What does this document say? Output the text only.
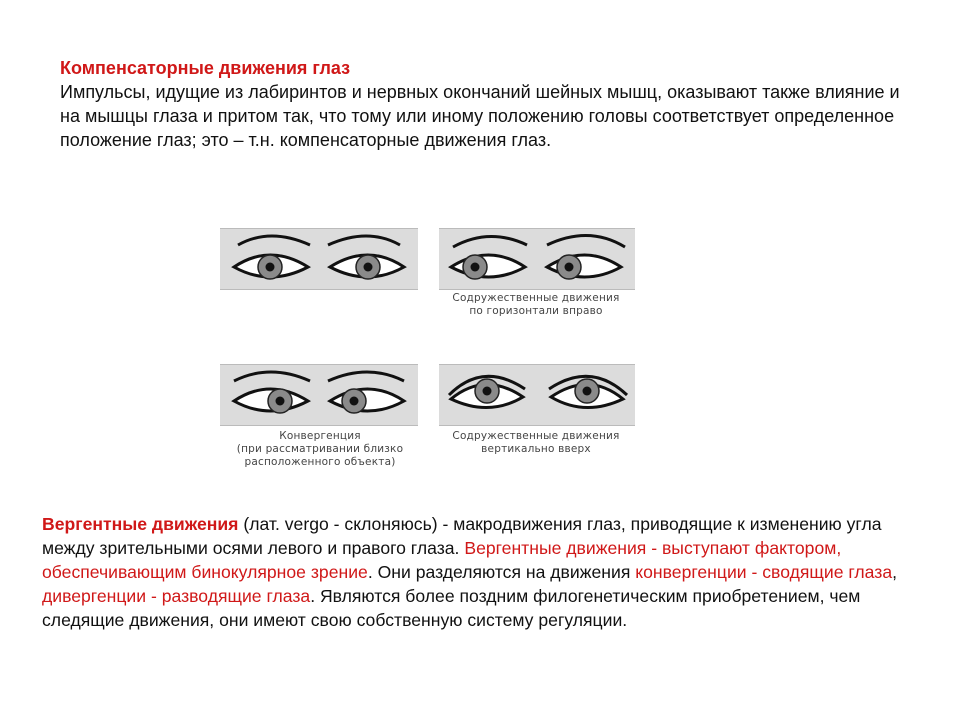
Компенсаторные движения глаз
Импульсы, идущие из лабиринтов и нервных окончаний шейных мышц, оказывают также влияние и на мышцы глаза и притом так, что тому или иному положению головы соответствует определенное положение глаз; это – т.н. компенсаторные движения глаз.
Содружественные движения
по горизонтали вправо
Конвергенция
(при рассматривании близко
расположенного объекта)
Содружественные движения
вертикально вверх
Вергентные движения (лат. vergo - склоняюсь) - макродвижения глаз, приводящие к изменению угла между зрительными осями левого и правого глаза. Вергентные движения - выступают фактором, обеспечивающим бинокулярное зрение. Они разделяются на движения конвергенции - сводящие глаза, дивергенции - разводящие глаза. Являются более поздним филогенетическим приобретением, чем следящие движения, они имеют свою собственную систему регуляции.
